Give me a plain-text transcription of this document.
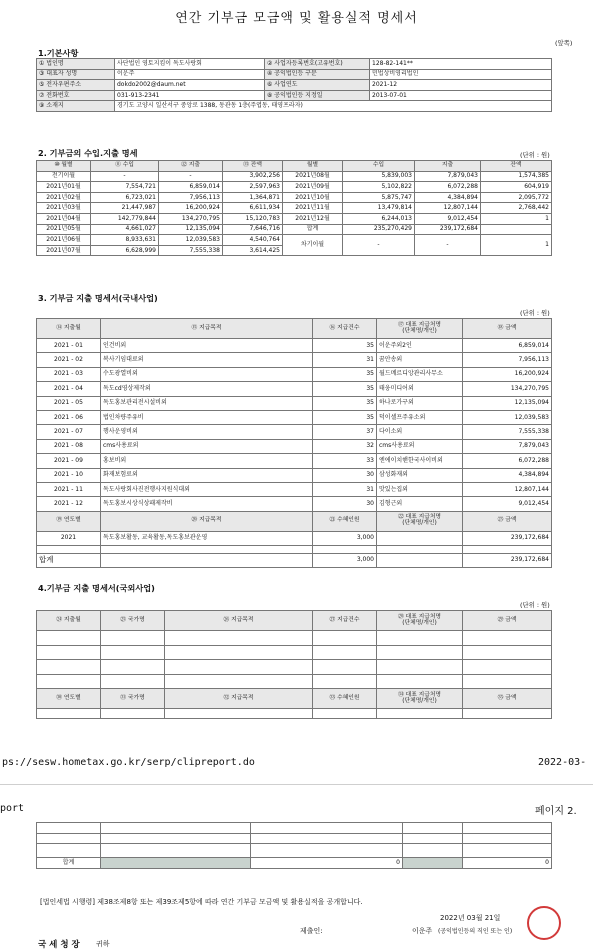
연간 기부금 모금액 및 활용실적 명세서
(앞쪽)
1.기본사항
① 법인명	사단법인 영토지킴이 독도사랑회	② 사업자등록번호(고유번호)	128-82-141**
③ 대표자 성명	이운주	④ 공익법인등 구분	민법상비영리법인
⑤ 전자우편주소	dokdo2002@daum.net	⑥ 사업연도	2021-12
⑦ 전화번호	031-913-2341	⑧ 공익법인등 지정일	2013-07-01
⑨ 소재지	경기도 고양시 일산서구 중앙로 1388, 동관동 1층(주엽동, 태영프라자)		
2. 기부금의 수입.지출 명세	(단위 : 원)
⑩ 월별	⑪ 수입	⑫ 지출	⑬ 잔액	월별	수입	지출	잔액
전기이월	-	-	3,902,256	2021년08월	5,839,003	7,879,043	1,574,385
2021년01월	7,554,721	6,859,014	2,597,963	2021년09월	5,102,822	6,072,288	604,919
2021년02월	6,723,021	7,956,113	1,364,871	2021년10월	5,875,747	4,384,894	2,095,772
2021년03월	21,447,987	16,200,924	6,611,934	2021년11월	13,479,814	12,807,144	2,768,442
2021년04월	142,779,844	134,270,795	15,120,783	2021년12월	6,244,013	9,012,454	1
2021년05월	4,661,027	12,135,094	7,646,716	합계	235,270,429	239,172,684	
2021년06월	8,933,631	12,039,583	4,540,764	차기이월	-	-	1
2021년07월	6,628,999	7,555,338	3,614,425				
3. 기부금 지출 명세서(국내사업)
(단위 : 원)
⑭ 지출월	⑮ 지급목적	⑯ 지급건수	⑰ 대표 지급처명
(단체명/개인)	⑱ 금액
2021 - 01	인건비외	35	이운주외2인	6,859,014
2021 - 02	복사기임대료외	31	꿈안송외	7,956,113
2021 - 03	수도광열비외	35	월드메르디앙관리사무소	16,200,924
2021 - 04	독도cd영상제작외	35	태웅미디어외	134,270,795
2021 - 05	독도홍보관리전시설비외	35	하나로가구외	12,135,094
2021 - 06	법인차량주유비	35	덕이셀프주유소외	12,039,583
2021 - 07	행사운영비외	37	다이소외	7,555,338
2021 - 08	cms사용료외	32	cms사용료외	7,879,043
2021 - 09	홍보비외	33	엔에이치핸한국사이비외	6,072,288
2021 - 10	화재보험료외	30	삼성화재외	4,384,894
2021 - 11	독도사랑회사진전행사지원식대외	31	맛있는집외	12,807,144
2021 - 12	독도홍보시상식상패제작비	30	김형근외	9,012,454
⑲ 연도별	⑳ 지급목적	㉑ 수혜인원	㉒ 대표 지급처명
(단체명/개인)	㉓ 금액
2021	독도홍보활동, 교육활동,독도홍보관운영	3,000		239,172,684

합계		3,000		239,172,684
4.기부금 지출 명세서(국외사업)
(단위 : 원)
㉔ 지출월	㉕ 국가명	㉖ 지급목적	㉗ 지급건수	㉘ 대표 지급처명
(단체명/개인)	㉙ 금액

㉚ 연도별	㉛ 국가명	㉜ 지급목적	㉝ 수혜인원	㉞ 대표 지급처명
(단체명/개인)	㉟ 금액

ps://sesw.hometax.go.kr/serp/clipreport.do	2022-03-
port	페이지 2.

합계		0		0
[법인세법 시행령] 제38조제8항 또는 제39조제5항에 따라 연간 기부금 모금액 및 활용실적을 공개합니다.
2022년 03월 21일
제출인:	이운주 (공익법인등의 직인 또는 인)
국 세 청 장 귀하
